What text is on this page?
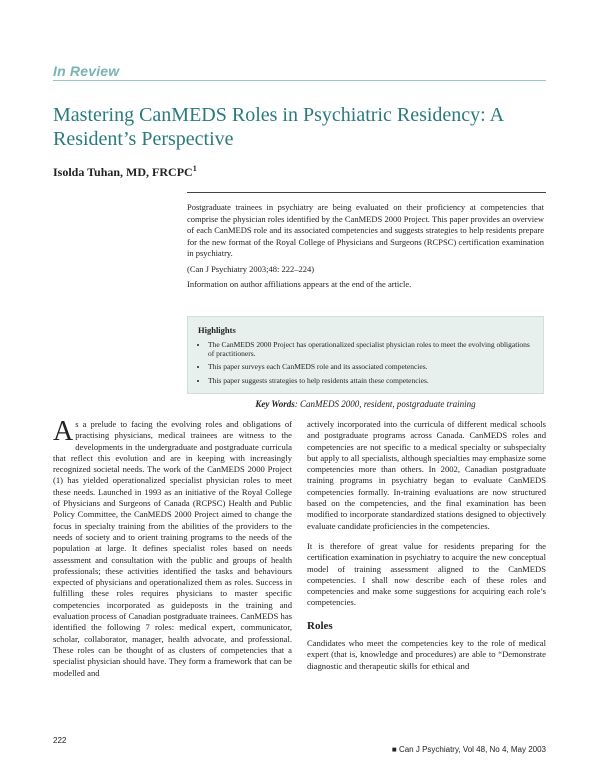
In Review
Mastering CanMEDS Roles in Psychiatric Residency: A Resident’s Perspective
Isolda Tuhan, MD, FRCPC$^1$

Postgraduate trainees in psychiatry are being evaluated on their proficiency at competencies that comprise the physician roles identified by the CanMEDS 2000 Project. This paper provides an overview of each CanMEDS role and its associated competencies and suggests strategies to help residents prepare for the new format of the Royal College of Physicians and Surgeons (RCPSC) certification examination in psychiatry.

(Can J Psychiatry 2003;48: 222–224)

Information on author affiliations appears at the end of the article.

Highlights
• The CanMEDS 2000 Project has operationalized specialist physician roles to meet the evolving obligations of practitioners.
• This paper surveys each CanMEDS role and its associated competencies.
• This paper suggests strategies to help residents attain these competencies.
Key Words: CanMEDS 2000, resident, postgraduate training

As a prelude to facing the evolving roles and obligations of practising physicians, medical trainees are witness to the developments in the undergraduate and postgraduate curricula that reflect this evolution and are in keeping with increasingly recognized societal needs. The work of the CanMEDS 2000 Project (1) has yielded operationalized specialist physician roles to meet these needs. Launched in 1993 as an initiative of the Royal College of Physicians and Surgeons of Canada (RCPSC) Health and Public Policy Committee, the CanMEDS 2000 Project aimed to change the focus in specialty training from the abilities of the providers to the needs of society and to orient training programs to the needs of the population at large. It defines specialist roles based on needs assessment and consultation with the public and groups of health professionals; these activities identified the tasks and behaviours expected of physicians and operationalized them as roles. Success in fulfilling these roles requires physicians to master specific competencies incorporated as guideposts in the training and evaluation process of Canadian postgraduate trainees. CanMEDS has identified the following 7 roles: medical expert, communicator, scholar, collaborator, manager, health advocate, and professional. These roles can be thought of as clusters of competencies that a specialist physician should have. They form a framework that can be modelled and

actively incorporated into the curricula of different medical schools and postgraduate programs across Canada. CanMEDS roles and competencies are not specific to a medical specialty or subspecialty but apply to all specialists, although specialties may emphasize some competencies more than others. In 2002, Canadian postgraduate training programs in psychiatry began to evaluate CanMEDS competencies formally. In-training evaluations are now structured based on the competencies, and the final examination has been modified to incorporate standardized stations designed to objectively evaluate candidate proficiencies in the competencies.

It is therefore of great value for residents preparing for the certification examination in psychiatry to acquire the new conceptual model of training assessment aligned to the CanMEDS competencies. I shall now describe each of these roles and competencies and make some suggestions for acquiring each role’s competencies.

Roles

Candidates who meet the competencies key to the role of medical expert (that is, knowledge and procedures) are able to “Demonstrate diagnostic and therapeutic skills for ethical and

222
■ Can J Psychiatry, Vol 48, No 4, May 2003
